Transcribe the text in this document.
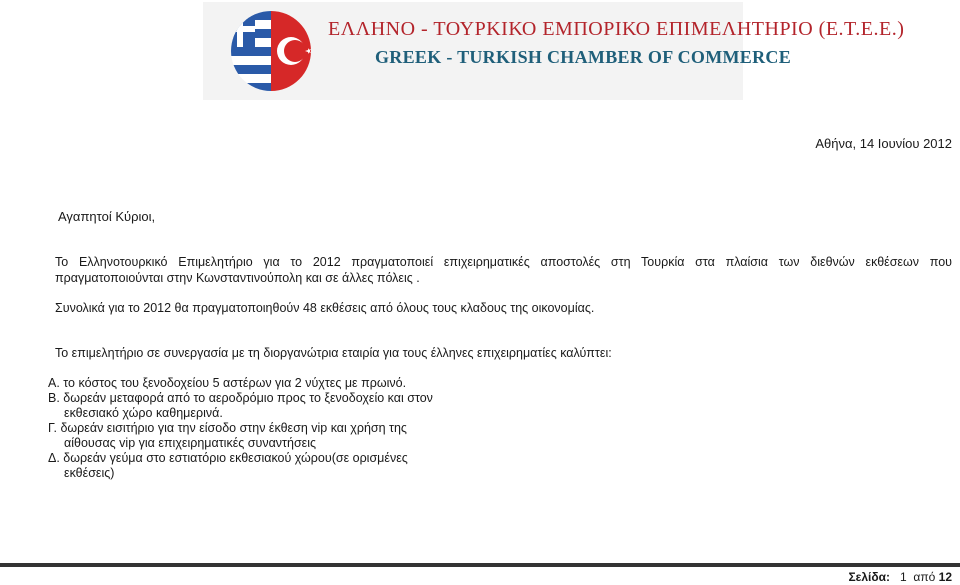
ΕΛΛΗΝΟ - ΤΟΥΡΚΙΚΟ ΕΜΠΟΡΙΚΟ ΕΠΙΜΕΛΗΤΗΡΙΟ (Ε.Τ.Ε.Ε.)
GREEK - TURKISH CHAMBER OF COMMERCE
Αθήνα, 14 Ιουνίου 2012
Αγαπητοί Κύριοι,
Το Ελληνοτουρκικό Επιμελητήριο για το 2012 πραγματοποιεί επιχειρηματικές αποστολές στη Τουρκία στα πλαίσια των διεθνών εκθέσεων που
πραγματοποιούνται στην Κωνσταντινούπολη και σε άλλες πόλεις .
Συνολικά για το 2012 θα πραγματοποιηθούν 48 εκθέσεις από όλους τους κλαδους της οικονομίας.
Το επιμελητήριο σε συνεργασία με τη διοργανώτρια εταιρία για τους έλληνες επιχειρηματίες καλύπτει:
Α. το κόστος του ξενοδοχείου 5 αστέρων για 2 νύχτες με πρωινό.
Β. δωρεάν μεταφορά από το αεροδρόμιο προς το ξενοδοχείο και στον
εκθεσιακό χώρο καθημερινά.
Γ. δωρεάν εισιτήριο για την είσοδο στην έκθεση vip και χρήση της
αίθουσας vip για επιχειρηματικές συναντήσεις
Δ. δωρεάν γεύμα στο εστιατόριο εκθεσιακού χώρου(σε ορισμένες
εκθέσεις)
Σελίδα: 1 από 12
